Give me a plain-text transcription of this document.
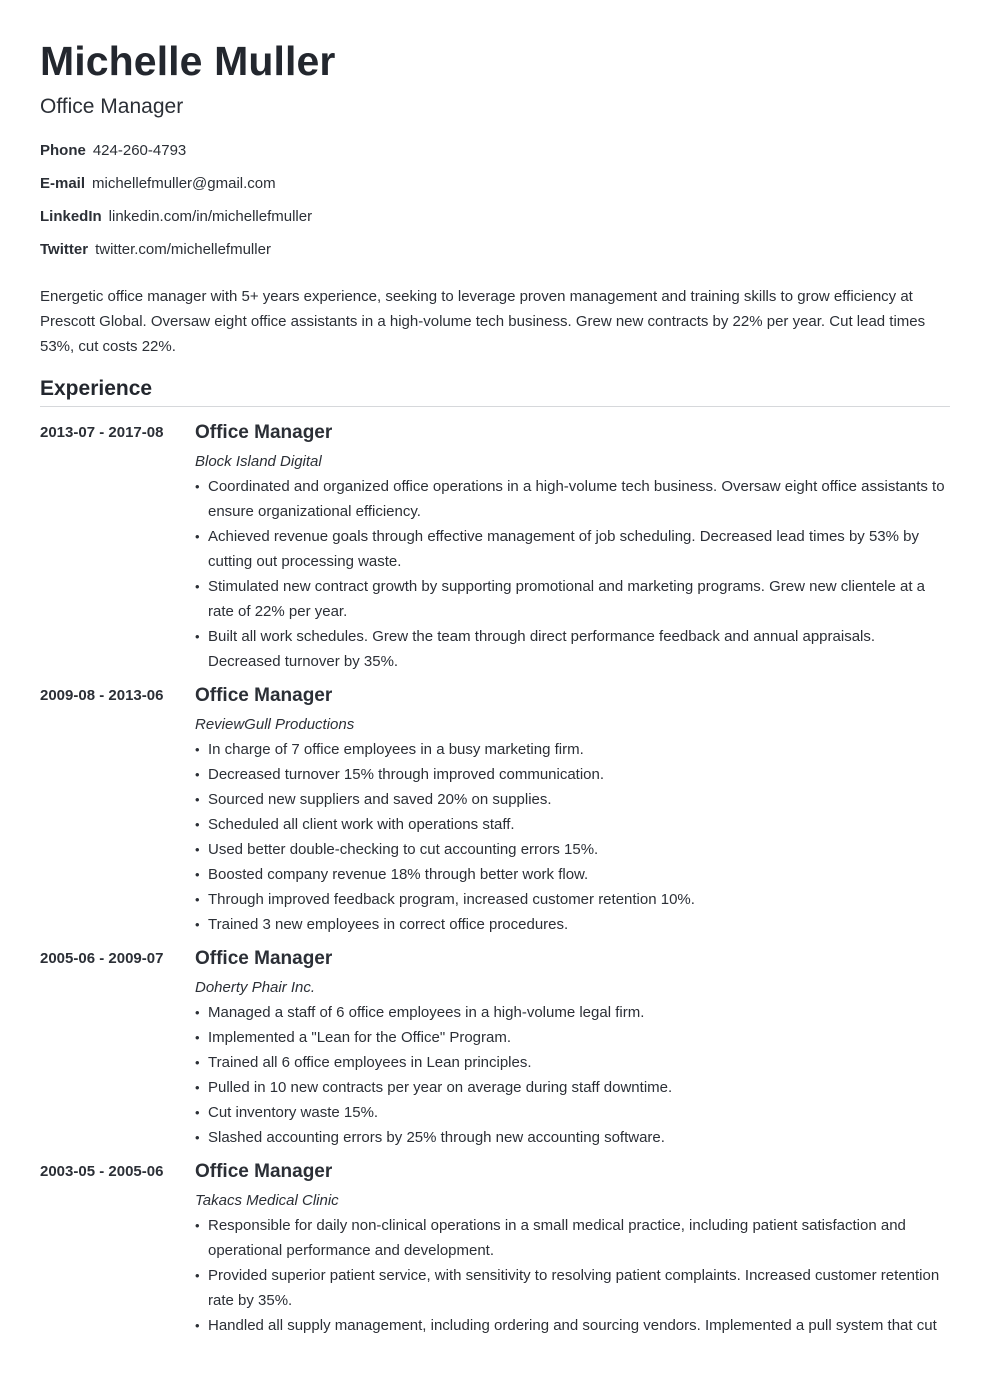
Michelle Muller
Office Manager
Phone 424-260-4793
E-mail michellefmuller@gmail.com
LinkedIn linkedin.com/in/michellefmuller
Twitter twitter.com/michellefmuller

Energetic office manager with 5+ years experience, seeking to leverage proven management and training skills to grow efficiency at Prescott Global. Oversaw eight office assistants in a high-volume tech business. Grew new contracts by 22% per year. Cut lead times 53%, cut costs 22%.

Experience
2013-07 - 2017-08	Office Manager
Block Island Digital
• Coordinated and organized office operations in a high-volume tech business. Oversaw eight office assistants to ensure organizational efficiency.
• Achieved revenue goals through effective management of job scheduling. Decreased lead times by 53% by cutting out processing waste.
• Stimulated new contract growth by supporting promotional and marketing programs. Grew new clientele at a rate of 22% per year.
• Built all work schedules. Grew the team through direct performance feedback and annual appraisals. Decreased turnover by 35%.
2009-08 - 2013-06	Office Manager
ReviewGull Productions
• In charge of 7 office employees in a busy marketing firm.
• Decreased turnover 15% through improved communication.
• Sourced new suppliers and saved 20% on supplies.
• Scheduled all client work with operations staff.
• Used better double-checking to cut accounting errors 15%.
• Boosted company revenue 18% through better work flow.
• Through improved feedback program, increased customer retention 10%.
• Trained 3 new employees in correct office procedures.
2005-06 - 2009-07	Office Manager
Doherty Phair Inc.
• Managed a staff of 6 office employees in a high-volume legal firm.
• Implemented a "Lean for the Office" Program.
• Trained all 6 office employees in Lean principles.
• Pulled in 10 new contracts per year on average during staff downtime.
• Cut inventory waste 15%.
• Slashed accounting errors by 25% through new accounting software.
2003-05 - 2005-06	Office Manager
Takacs Medical Clinic
• Responsible for daily non-clinical operations in a small medical practice, including patient satisfaction and operational performance and development.
• Provided superior patient service, with sensitivity to resolving patient complaints. Increased customer retention rate by 35%.
• Handled all supply management, including ordering and sourcing vendors. Implemented a pull system that cut
